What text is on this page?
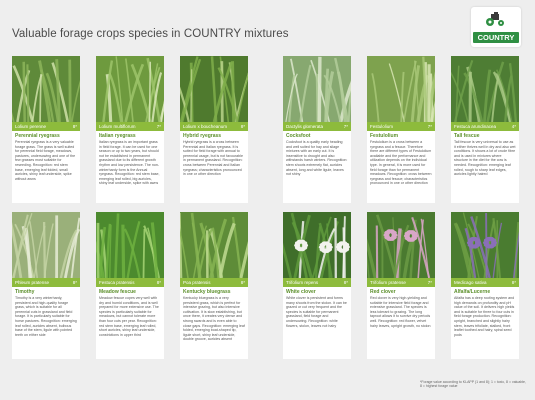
Valuable forage crops species in COUNTRY mixtures	COUNTRY
Lolium perenne	8*
Perennial ryegrass
Perennial ryegrass is a very valuable forage grass. The grass is well suited for perennial field forage, meadows, pastures, undersowing and one of the few grasses most suitable for reseeding. Recognition: red stem base, emerging leaf folded, small auricles, shiny leaf underside, spike without awns
Lolium multiflorum	7*
Italian ryegrass
Italian ryegrass is an important grass in field forage. It can be used for one season or up to two years, but should not be established in permanent grassland due to its different growth rhythm and low persistence. The non-winterhardy form is the Annual ryegrass. Recognition: red stem base, emerging leaf rolled, big auricles, shiny leaf underside, spike with awns
Lolium x boucheanum	8*
Hybrid ryegrass
Hybrid ryegrass is a cross between Perennial and Italian ryegrass. It is suited for field forage with annual to perennial usage, but is not favourable in permanent grassland. Recognition: cross between Perennial and Italian ryegrass; characteristics pronounced in one or other direction
Dactylis glomerata	7*
Cocksfoot
Cocksfoot is a quality early heading and well suited for hay and silage mixtures with an early cut. It is insensitive to drought and also withstands harsh winters. Recognition: stem shoots extremely flat, auricles absent, long and white ligule, leaves not shiny
Festulolium	7*
Festulolium
Festulolium is a cross between a ryegrass and a fescue. Therefore there are different types of Festulolium available and the performance and utilization depends on the individual type. In general, it is more used for field forage than for permanent meadows. Recognition: cross between ryegrass and fescue; characteristics pronounced in one or other direction
Festuca arundinacea	4*
Tall fescue
Tall fescue is very universal to use as it either thrives well in dry and also wet conditions. It shows a lot of crude fibre and is used in mixtures where structure in the diet for the cow is needed. Recognition: emerging leaf rolled, rough to sharp leaf edges, auricles lightly haired
Phleum pratense	8*
Timothy
Timothy is a very winterhardy, persistent and high-quality forage grass, which is suitable for all perennial cuts in grassland and field forage. It is particularly suitable for horse pastures. Recognition: emerging leaf rolled, auricles absent, bulbous base of the stem, ligule with pointed teeth on either side
Festuca pratensis	8*
Meadow fescue
Meadow fescue copes very well with dry and humid conditions, and is well prepared for more extensive use. The species is particularly suitable for meadows, but cannot tolerate more than four cuts per year. Recognition: red stem base, emerging leaf rolled, short auricles, shiny leaf underside, constrictions in upper third
Poa pratensis	8*
Kentucky bluegrass
Kentucky bluegrass is a very persistent grass, which is perfect for intensive grazing, but also intensive cultivation. It is slow establishing, but once there, it creates very dense and strong swards and is even able to close gaps. Recognition: emerging leaf folded, emerging boat-shaped tip, ligule short, shiny leaf underside, double groove, auricles absent
Trifolium repens	8*
White clover
White clover is persistent and forms many shoots from the stolon. It can be grazed or cut very frequent and the species is suitable for permanent grassland, field forage and undersowing. Recognition: white flowers, stolon, leaves not hairy
Trifolium pratense	7*
Red clover
Red clover is very high-yielding and suitable for intensive field forage and extensive grassland. The species is less tolerant to grazing. The long taproot allows it to survive dry periods well. Recognition: red flower, velvet hairy leaves, upright growth, no stolon
Medicago sativa	8*
Alfalfa/Lucerne
Alfalfa has a deep rooting system and high demands on profundity and pH value of the soil. It delivers high yields and is suitable for three to four cuts in field forage production. Recognition: upright, branched and slightly hairy stem, leaves trifoliate, stalked, front leaflet toothed and hairy, spiral seed pods
*Forage value according to KLAPP (1 and 8); 1 = toxic, 8 = valuable, 8 = highest forage value
